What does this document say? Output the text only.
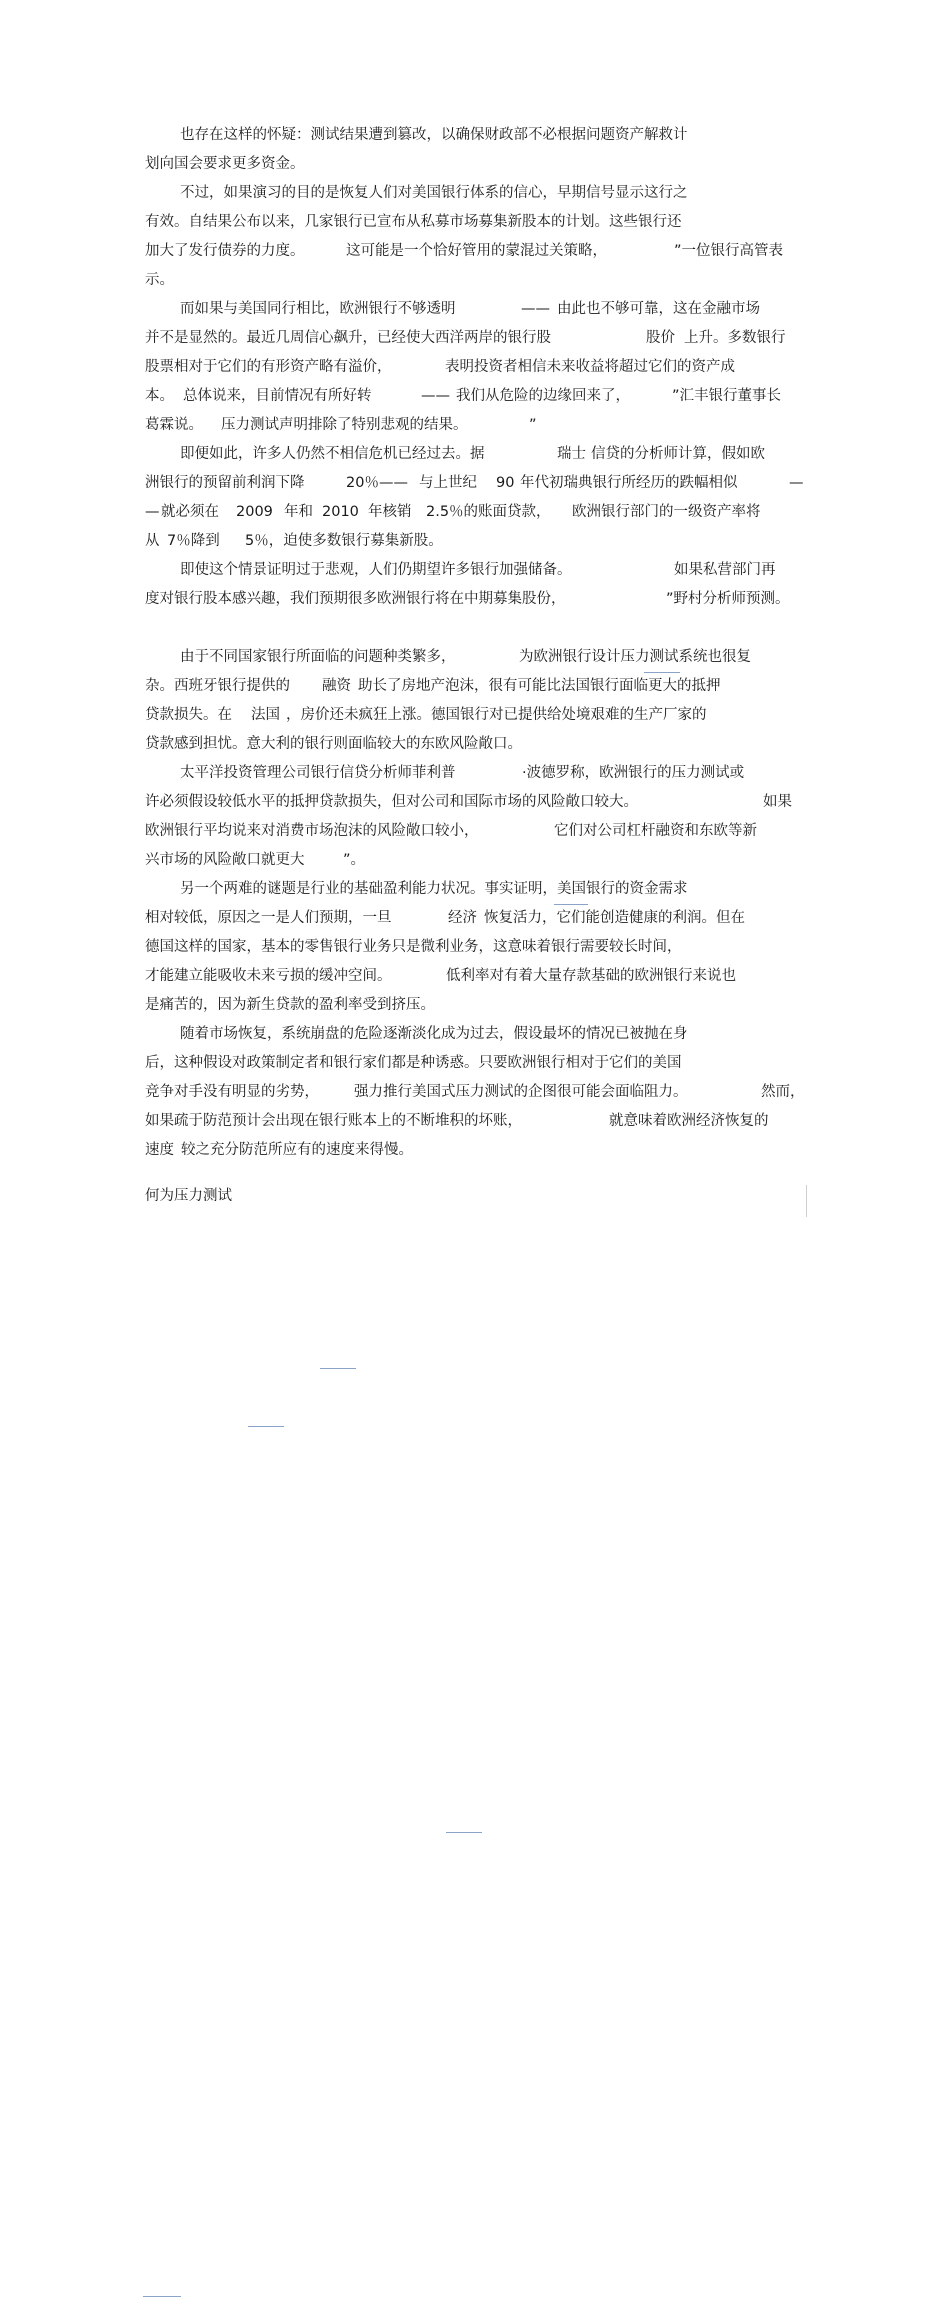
也存在这样的怀疑：测试结果遭到篡改，以确保财政部不必根据问题资产解救计
划向国会要求更多资金。
不过，如果演习的目的是恢复人们对美国银行体系的信心，早期信号显示这行之
有效。自结果公布以来，几家银行已宣布从私募市场募集新股本的计划。这些银行还
加大了发行债券的力度。	这可能是一个恰好管用的蒙混过关策略，	”一位银行高管表
示。
而如果与美国同行相比，欧洲银行不够透明	—— 由此也不够可靠，这在金融市场
并不是显然的。最近几周信心飙升，已经使大西洋两岸的银行股	股价 上升。多数银行
股票相对于它们的有形资产略有溢价，	表明投资者相信未来收益将超过它们的资产成
本。 总体说来，目前情况有所好转	—— 我们从危险的边缘回来了，	”汇丰银行董事长
葛霖说。 压力测试声明排除了特别悲观的结果。	”
即便如此，许多人仍然不相信危机已经过去。据	瑞士 信贷的分析师计算，假如欧
洲银行的预留前利润下降	20％—— 与上世纪 90 年代初瑞典银行所经历的跌幅相似	—
— 就必须在 2009 年和 2010 年核销 2.5％的账面贷款， 欧洲银行部门的一级资产率将
从 7％降到 5％，迫使多数银行募集新股。
即使这个情景证明过于悲观，人们仍期望许多银行加强储备。	如果私营部门再
度对银行股本感兴趣，我们预期很多欧洲银行将在中期募集股份，	”野村分析师预测。
由于不同国家银行所面临的问题种类繁多，	为欧洲银行设计压力测试系统也很复
杂。西班牙银行提供的 融资 助长了房地产泡沫，很有可能比法国银行面临更大的抵押
贷款损失。在 法国 ，房价还未疯狂上涨。德国银行对已提供给处境艰难的生产厂家的
贷款感到担忧。意大利的银行则面临较大的东欧风险敞口。
太平洋投资管理公司银行信贷分析师菲利普	·波德罗称，欧洲银行的压力测试或
许必须假设较低水平的抵押贷款损失，但对公司和国际市场的风险敞口较大。	如果
欧洲银行平均说来对消费市场泡沫的风险敞口较小，	它们对公司杠杆融资和东欧等新
兴市场的风险敞口就更大	”。
另一个两难的谜题是行业的基础盈利能力状况。事实证明，美国银行的资金需求
相对较低，原因之一是人们预期，一旦	经济 恢复活力，它们能创造健康的利润。但在
德国这样的国家，基本的零售银行业务只是微利业务，这意味着银行需要较长时间，
才能建立能吸收未来亏损的缓冲空间。	低利率对有着大量存款基础的欧洲银行来说也
是痛苦的，因为新生贷款的盈利率受到挤压。
随着市场恢复，系统崩盘的危险逐渐淡化成为过去，假设最坏的情况已被抛在身
后，这种假设对政策制定者和银行家们都是种诱惑。只要欧洲银行相对于它们的美国
竞争对手没有明显的劣势， 强力推行美国式压力测试的企图很可能会面临阻力。	然而，
如果疏于防范预计会出现在银行账本上的不断堆积的坏账，	就意味着欧洲经济恢复的
速度 较之充分防范所应有的速度来得慢。
何为压力测试
